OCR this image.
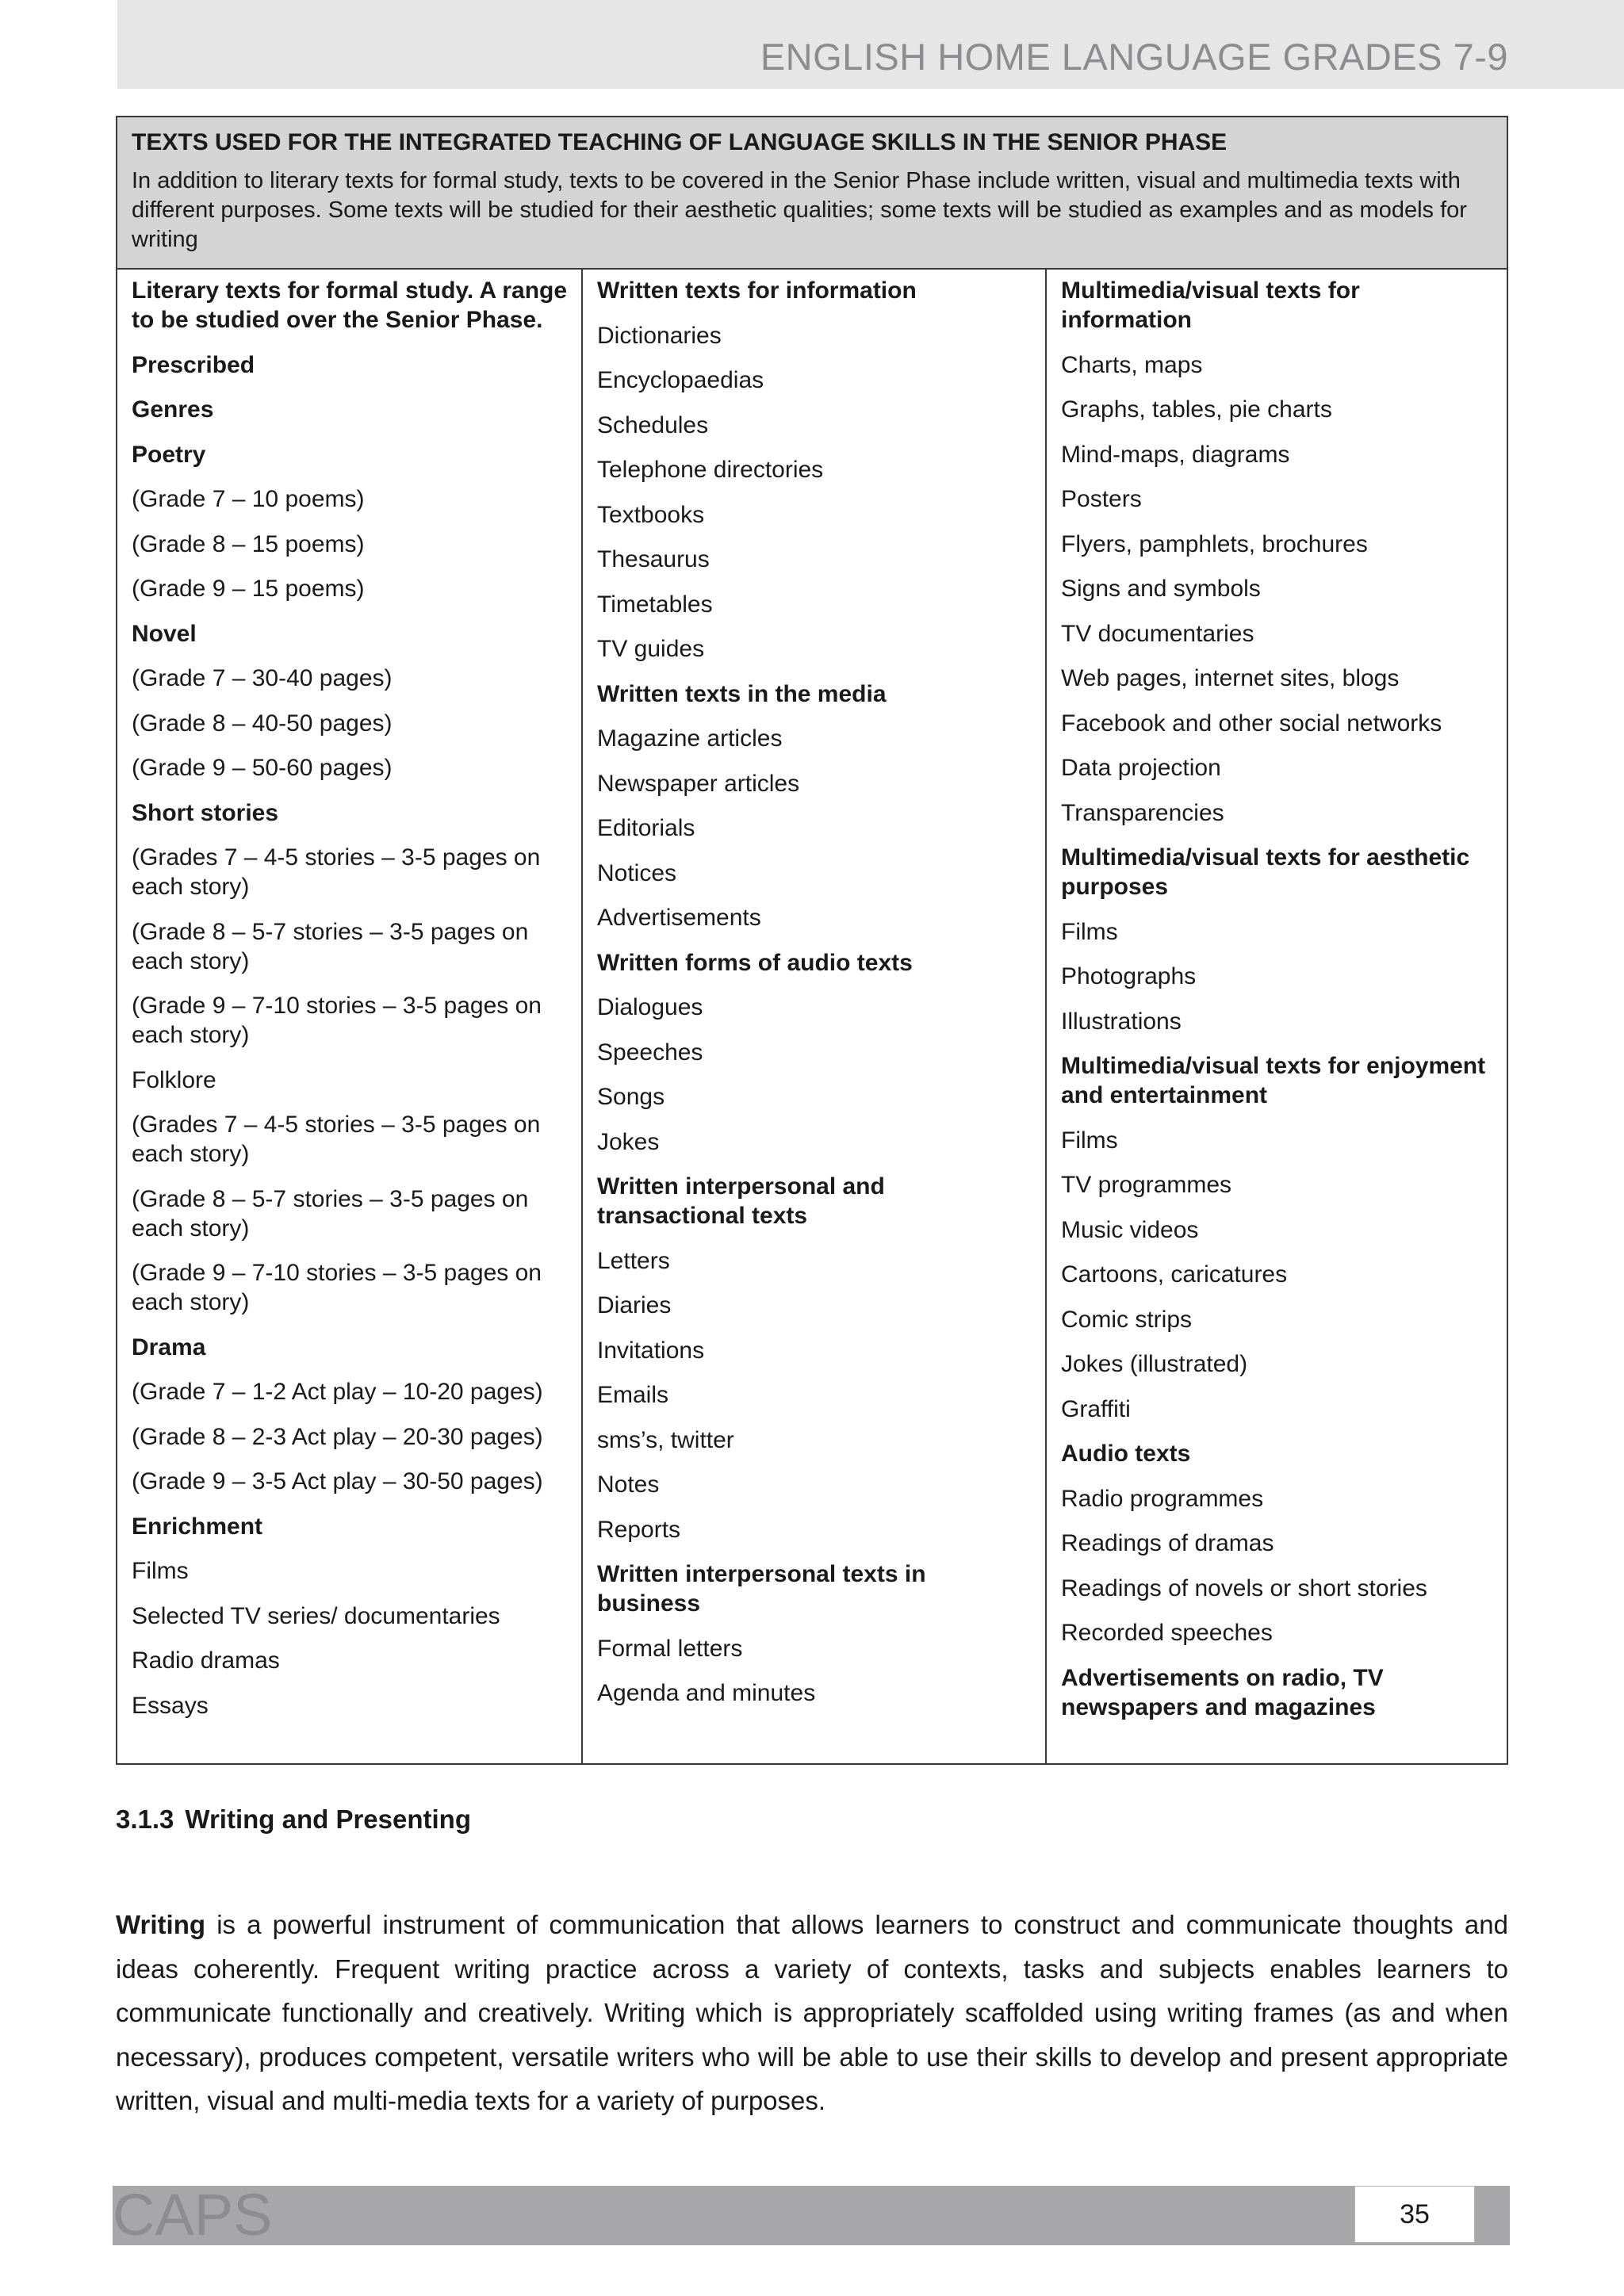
ENGLISH HOME LANGUAGE GRADES 7-9
TEXTS USED FOR THE INTEGRATED TEACHING OF LANGUAGE SKILLS IN THE SENIOR PHASE
In addition to literary texts for formal study, texts to be covered in the Senior Phase include written, visual and multimedia texts with different purposes. Some texts will be studied for their aesthetic qualities; some texts will be studied as examples and as models for writing
Literary texts for formal study. A range to be studied over the Senior Phase.
Prescribed
Genres
Poetry
(Grade 7 – 10 poems)
(Grade 8 – 15 poems)
(Grade 9 – 15 poems)
Novel
(Grade 7 – 30-40 pages)
(Grade 8 – 40-50 pages)
(Grade 9 – 50-60 pages)
Short stories
(Grades 7 – 4-5 stories – 3-5 pages on each story)
(Grade 8 – 5-7 stories – 3-5 pages on each story)
(Grade 9 – 7-10 stories – 3-5 pages on each story)
Folklore
(Grades 7 – 4-5 stories – 3-5 pages on each story)
(Grade 8 – 5-7 stories – 3-5 pages on each story)
(Grade 9 – 7-10 stories – 3-5 pages on each story)
Drama
(Grade 7 – 1-2 Act play – 10-20 pages)
(Grade 8 – 2-3 Act play – 20-30 pages)
(Grade 9 – 3-5 Act play – 30-50 pages)
Enrichment
Films
Selected TV series/ documentaries
Radio dramas
Essays
Written texts for information
Dictionaries
Encyclopaedias
Schedules
Telephone directories
Textbooks
Thesaurus
Timetables
TV guides
Written texts in the media
Magazine articles
Newspaper articles
Editorials
Notices
Advertisements
Written forms of audio texts
Dialogues
Speeches
Songs
Jokes
Written interpersonal and transactional texts
Letters
Diaries
Invitations
Emails
sms’s, twitter
Notes
Reports
Written interpersonal texts in business
Formal letters
Agenda and minutes
Multimedia/visual texts for information
Charts, maps
Graphs, tables, pie charts
Mind-maps, diagrams
Posters
Flyers, pamphlets, brochures
Signs and symbols
TV documentaries
Web pages, internet sites, blogs
Facebook and other social networks
Data projection
Transparencies
Multimedia/visual texts for aesthetic purposes
Films
Photographs
Illustrations
Multimedia/visual texts for enjoyment and entertainment
Films
TV programmes
Music videos
Cartoons, caricatures
Comic strips
Jokes (illustrated)
Graffiti
Audio texts
Radio programmes
Readings of dramas
Readings of novels or short stories
Recorded speeches
Advertisements on radio, TV newspapers and magazines
3.1.3 Writing and Presenting

Writing is a powerful instrument of communication that allows learners to construct and communicate thoughts and ideas coherently. Frequent writing practice across a variety of contexts, tasks and subjects enables learners to communicate functionally and creatively. Writing which is appropriately scaffolded using writing frames (as and when necessary), produces competent, versatile writers who will be able to use their skills to develop and present appropriate written, visual and multi-media texts for a variety of purposes.

CAPS	35
